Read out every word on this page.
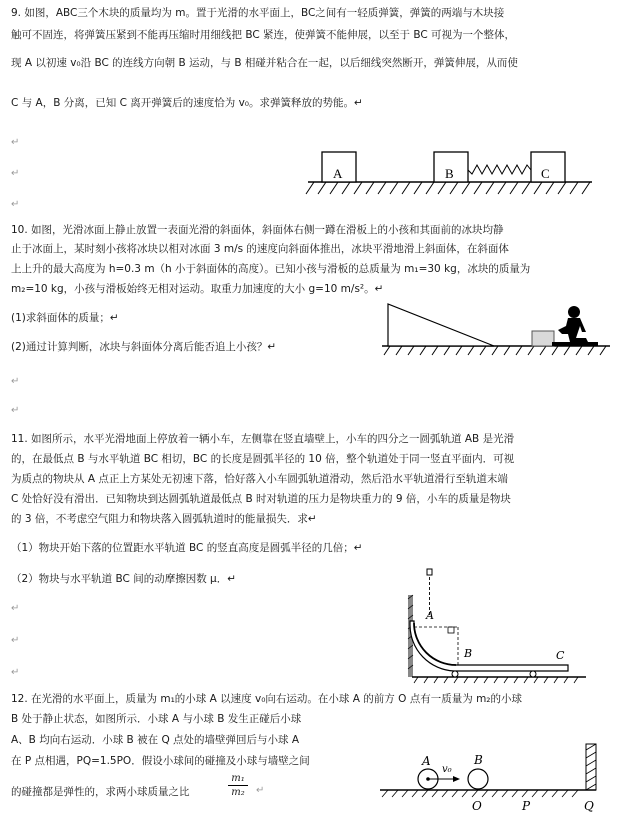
9. 如图，ABC三个木块的质量均为 m。置于光滑的水平面上，BC之间有一轻质弹簧，弹簧的两端与木块接
触可不固连，将弹簧压紧到不能再压缩时用细线把 BC 紧连，使弹簧不能伸展，以至于 BC 可视为一个整体，
现 A 以初速 v₀沿 BC 的连线方向朝 B 运动，与 B 相碰并粘合在一起，以后细线突然断开，弹簧伸展，从而使
C 与 A，B 分离，已知 C 离开弹簧后的速度恰为 v₀。求弹簧释放的势能。↵
↵
↵
↵
A	B	C
10. 如图，光滑冰面上静止放置一表面光滑的斜面体，斜面体右侧一蹲在滑板上的小孩和其面前的冰块均静
止于冰面上，某时刻小孩将冰块以相对冰面 3 m/s 的速度向斜面体推出，冰块平滑地滑上斜面体，在斜面体
上上升的最大高度为 h=0.3 m（h 小于斜面体的高度）。已知小孩与滑板的总质量为 m₁=30 kg，冰块的质量为
m₂=10 kg，小孩与滑板始终无相对运动。取重力加速度的大小 g=10 m/s²。↵
(1)求斜面体的质量；↵
(2)通过计算判断，冰块与斜面体分离后能否追上小孩？↵
↵
↵
11. 如图所示，水平光滑地面上停放着一辆小车，左侧靠在竖直墙壁上，小车的四分之一圆弧轨道 AB 是光滑
的，在最低点 B 与水平轨道 BC 相切，BC 的长度是圆弧半径的 10 倍，整个轨道处于同一竖直平面内．可视
为质点的物块从 A 点正上方某处无初速下落，恰好落入小车圆弧轨道滑动，然后沿水平轨道滑行至轨道末端
C 处恰好没有滑出．已知物块到达圆弧轨道最低点 B 时对轨道的压力是物块重力的 9 倍，小车的质量是物块
的 3 倍，不考虑空气阻力和物块落入圆弧轨道时的能量损失．求↵
（1）物块开始下落的位置距水平轨道 BC 的竖直高度是圆弧半径的几倍；↵
（2）物块与水平轨道 BC 间的动摩擦因数 μ．↵
↵
↵
↵
A
B	C
12. 在光滑的水平面上，质量为 m₁的小球 A 以速度 v₀向右运动。在小球 A 的前方 O 点有一质量为 m₂的小球
B 处于静止状态，如图所示．小球 A 与小球 B 发生正碰后小球
A、B 均向右运动．小球 B 被在 Q 点处的墙壁弹回后与小球 A
在 P 点相遇，PQ=1.5PO．假设小球间的碰撞及小球与墙壁之间
的碰撞都是弹性的，求两小球质量之比	$\frac{\text{m₁}}{\text{m₂}}$ ↵
A
v₀
B
O	P	Q
